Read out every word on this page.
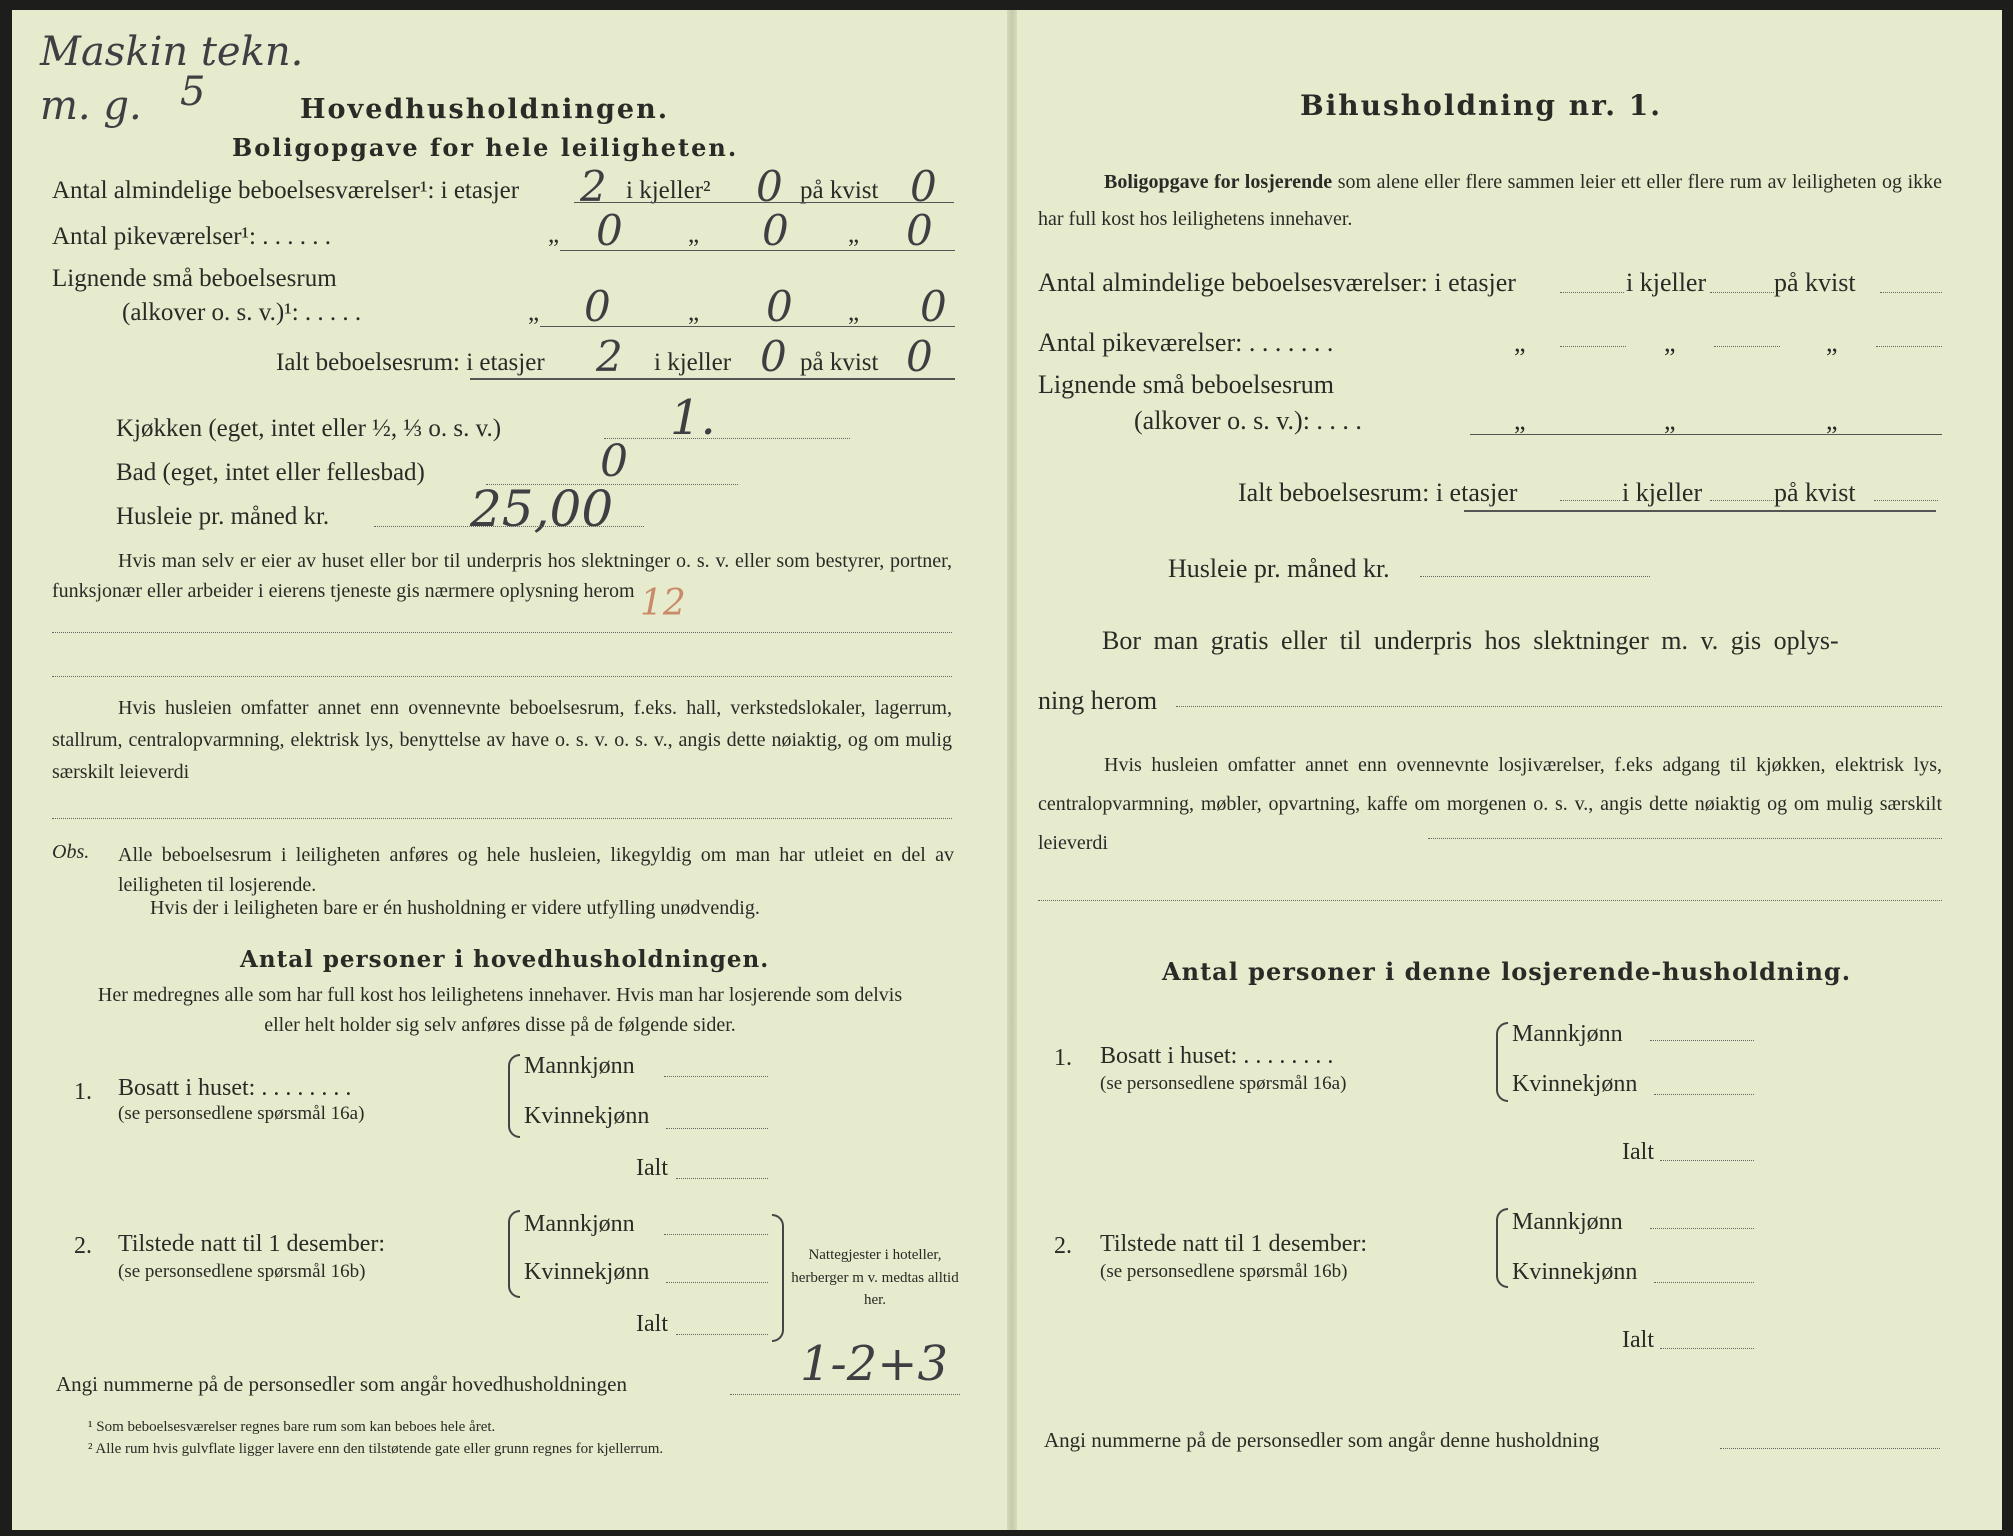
Maskin tekn.
m. g. 5	Hovedhusholdningen.
Boligopgave for hele leiligheten.
Antal almindelige beboelsesværelser¹: i etasjer 2 i kjeller² 0 på kvist 0
Antal pikeværelser¹: . . . . . .	„ 0	„ 0 „ 0
Lignende små beboelsesrum
(alkover o. s. v.)¹: . . . . .	„ 0	„ 0 „ 0
Ialt beboelsesrum: i etasjer 2 i kjeller 0 på kvist 0
Kjøkken (eget, intet eller ½, ⅓ o. s. v.)	1.
Bad (eget, intet eller fellesbad)	0
Husleie pr. måned kr.	25,00
Hvis man selv er eier av huset eller bor til underpris hos slektninger o. s. v. eller som bestyrer, portner, funksjonær eller arbeider i eierens tjeneste gis nærmere oplysning herom 12
Hvis husleien omfatter annet enn ovennevnte beboelsesrum, f.eks. hall, verkstedslokaler, lagerrum, stallrum, centralopvarmning, elektrisk lys, benyttelse av have o. s. v. o. s. v., angis dette nøiaktig, og om mulig særskilt leieverdi
Obs. Alle beboelsesrum i leiligheten anføres og hele husleien, likegyldig om man har utleiet en del av leiligheten til losjerende.
Hvis der i leiligheten bare er én husholdning er videre utfylling unødvendig.
Antal personer i hovedhusholdningen.
Her medregnes alle som har full kost hos leilighetens innehaver. Hvis man har losjerende som delvis eller helt holder sig selv anføres disse på de følgende sider.
1. Bosatt i huset: . . . . . . . .
(se personsedlene spørsmål 16a)
Mannkjønn
Kvinnekjønn
Ialt
2. Tilstede natt til 1 desember:
(se personsedlene spørsmål 16b)
Mannkjønn
Kvinnekjønn
Ialt
Nattegjester i hoteller, herberger m v. medtas alltid her.
Angi nummerne på de personsedler som angår hovedhusholdningen	1-2+3
¹ Som beboelsesværelser regnes bare rum som kan beboes hele året.
² Alle rum hvis gulvflate ligger lavere enn den tilstøtende gate eller grunn regnes for kjellerrum.
Bihusholdning nr. 1.
Boligopgave for losjerende som alene eller flere sammen leier ett eller flere rum av leiligheten og ikke har full kost hos leilighetens innehaver.
Antal almindelige beboelsesværelser: i etasjer	i kjeller	på kvist
Antal pikeværelser: . . . . . . .	„	„	„
Lignende små beboelsesrum
(alkover o. s. v.): . . . .	„	„	„
Ialt beboelsesrum: i etasjer	i kjeller	på kvist
Husleie pr. måned kr.
Bor man gratis eller til underpris hos slektninger m. v. gis oplys-
ning herom
Hvis husleien omfatter annet enn ovennevnte losjiværelser, f.eks adgang til kjøkken, elektrisk lys, centralopvarmning, møbler, opvartning, kaffe om morgenen o. s. v., angis dette nøiaktig og om mulig særskilt leieverdi
Antal personer i denne losjerende-husholdning.
1. Bosatt i huset: . . . . . . . .
(se personsedlene spørsmål 16a)
Mannkjønn
Kvinnekjønn
Ialt
2. Tilstede natt til 1 desember:
(se personsedlene spørsmål 16b)
Mannkjønn
Kvinnekjønn
Ialt
Angi nummerne på de personsedler som angår denne husholdning
